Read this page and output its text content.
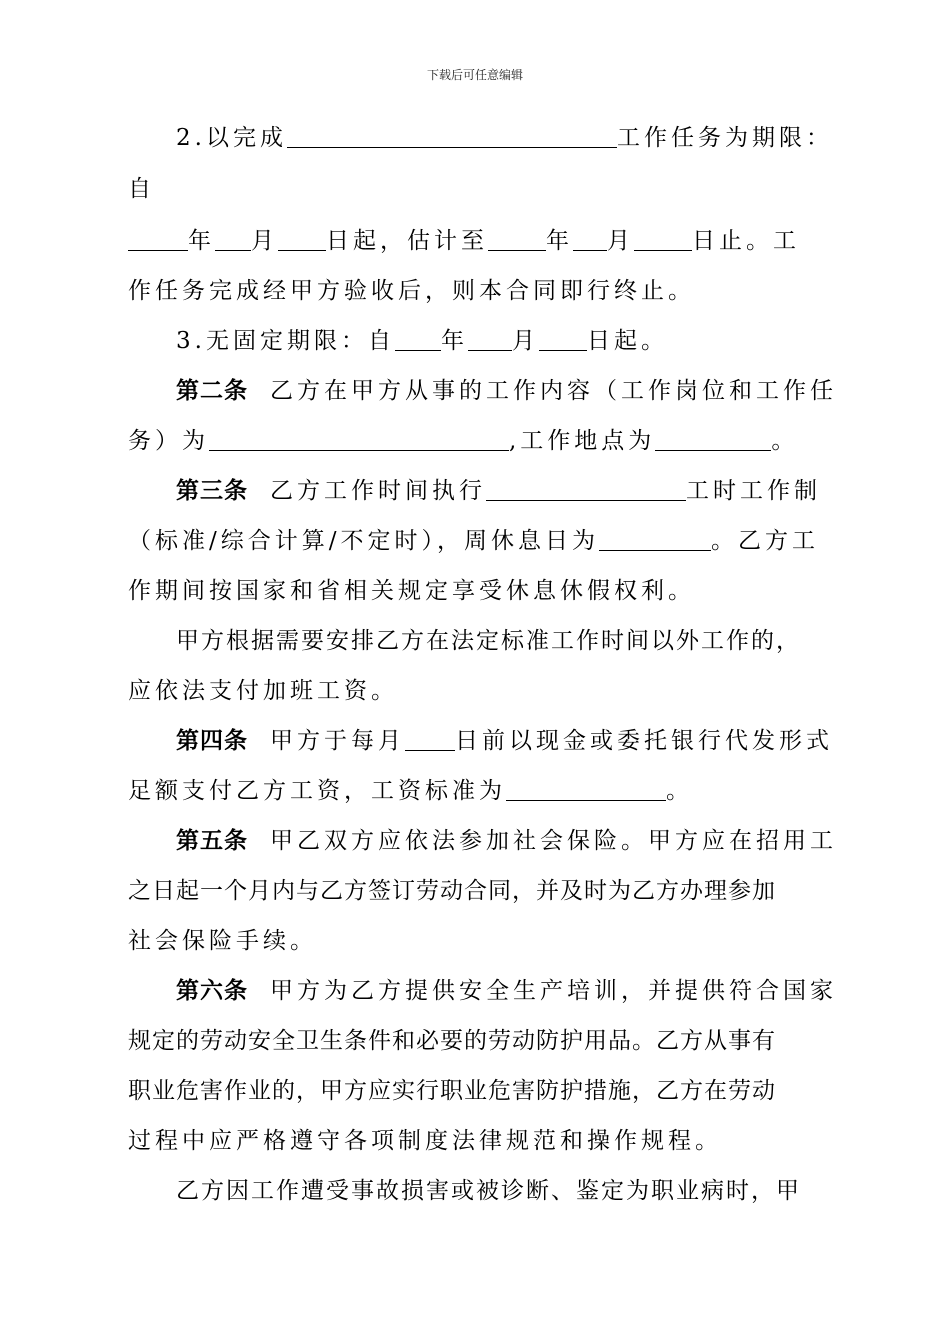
下载后可任意编辑
2.以完成	工作任务为期限：
自
年 月 日起，估计至	年 月	日止。工
作任务完成经甲方验收后，则本合同即行终止。
3.无固定期限：自 年 月 日起。
第二条 乙方在甲方从事的工作内容（工作岗位和工作任
务）为	,工作地点为	。
第三条 乙方工作时间执行	工时工作制
（标准/综合计算/不定时），周休息日为	。乙方工
作期间按国家和省相关规定享受休息休假权利。
甲方根据需要安排乙方在法定标准工作时间以外工作的，
应依法支付加班工资。
第四条 甲方于每月 日前以现金或委托银行代发形式
足额支付乙方工资，工资标准为	。
第五条 甲乙双方应依法参加社会保险。甲方应在招用工
之日起一个月内与乙方签订劳动合同，并及时为乙方办理参加
社会保险手续。
第六条 甲方为乙方提供安全生产培训，并提供符合国家
规定的劳动安全卫生条件和必要的劳动防护用品。乙方从事有
职业危害作业的，甲方应实行职业危害防护措施，乙方在劳动
过程中应严格遵守各项制度法律规范和操作规程。
乙方因工作遭受事故损害或被诊断、鉴定为职业病时，甲
